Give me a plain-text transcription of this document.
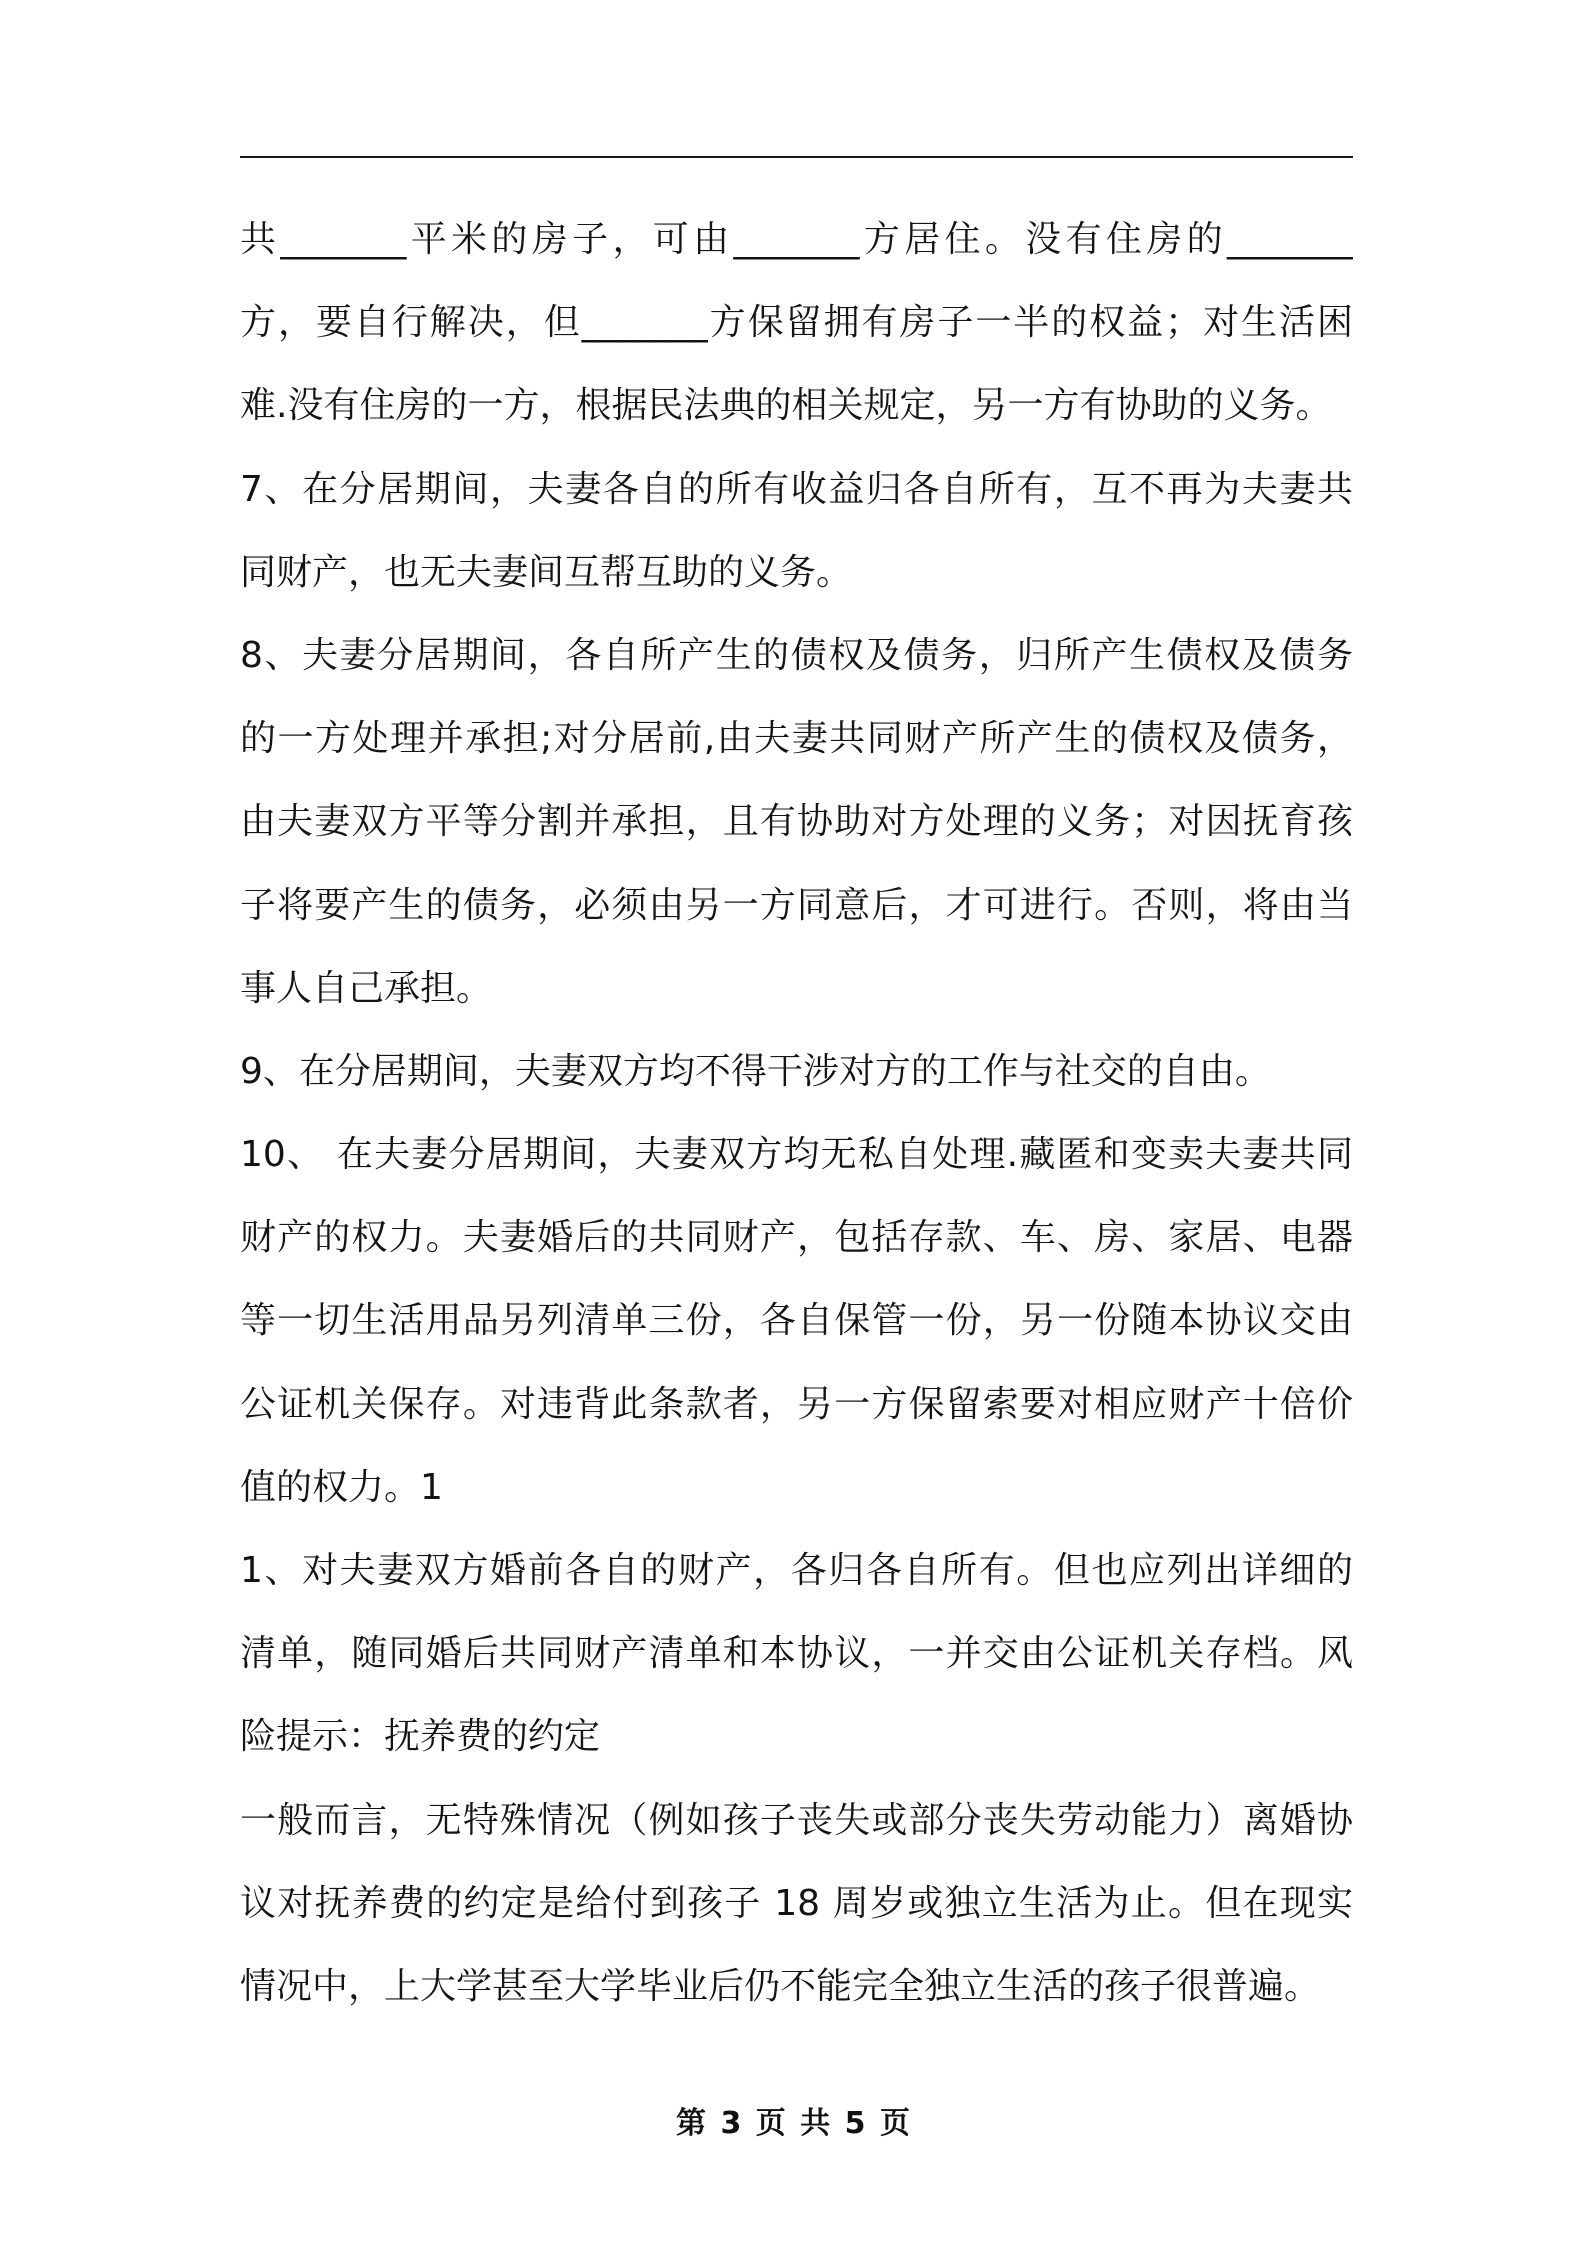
共_______平米的房子，可由_______方居住。没有住房的_______
方，要自行解决，但_______方保留拥有房子一半的权益；对生活困
难.没有住房的一方，根据民法典的相关规定，另一方有协助的义务。
7、在分居期间，夫妻各自的所有收益归各自所有，互不再为夫妻共
同财产，也无夫妻间互帮互助的义务。
8、夫妻分居期间，各自所产生的债权及债务，归所产生债权及债务
的一方处理并承担;对分居前,由夫妻共同财产所产生的债权及债务，
由夫妻双方平等分割并承担，且有协助对方处理的义务；对因抚育孩
子将要产生的债务，必须由另一方同意后，才可进行。否则，将由当
事人自己承担。
9、在分居期间，夫妻双方均不得干涉对方的工作与社交的自由。
10、 在夫妻分居期间，夫妻双方均无私自处理.藏匿和变卖夫妻共同
财产的权力。夫妻婚后的共同财产，包括存款、车、房、家居、电器
等一切生活用品另列清单三份，各自保管一份，另一份随本协议交由
公证机关保存。对违背此条款者，另一方保留索要对相应财产十倍价
值的权力。1
1、对夫妻双方婚前各自的财产，各归各自所有。但也应列出详细的
清单，随同婚后共同财产清单和本协议，一并交由公证机关存档。风
险提示：抚养费的约定
一般而言，无特殊情况（例如孩子丧失或部分丧失劳动能力）离婚协
议对抚养费的约定是给付到孩子 18 周岁或独立生活为止。但在现实
情况中，上大学甚至大学毕业后仍不能完全独立生活的孩子很普遍。
第 3 页 共 5 页
